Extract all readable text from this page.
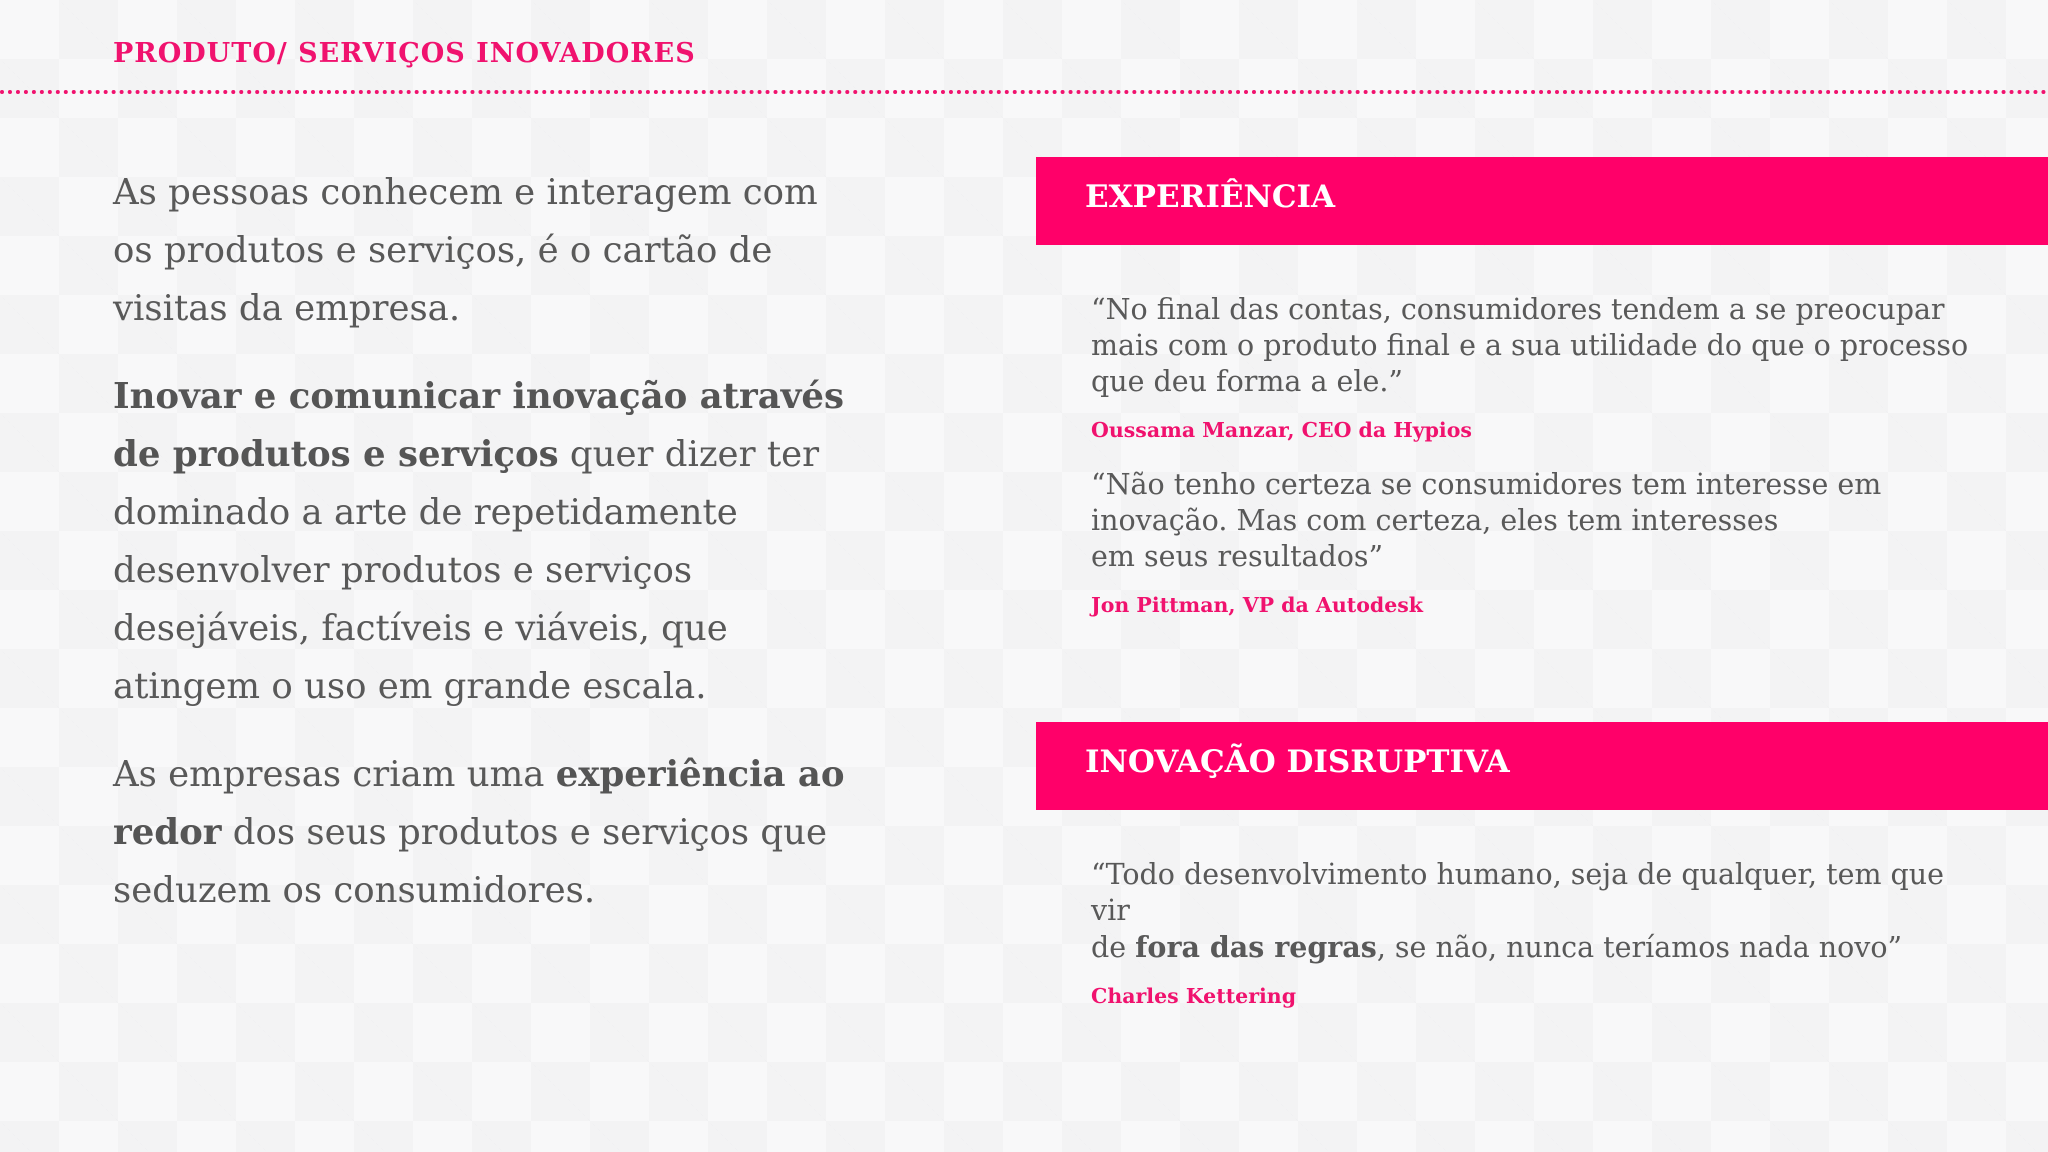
PRODUTO/ SERVIÇOS INOVADORES

As pessoas conhecem e interagem com os produtos e serviços, é o cartão de visitas da empresa.

Inovar e comunicar inovação através de produtos e serviços quer dizer ter dominado a arte de repetidamente desenvolver produtos e serviços desejáveis, factíveis e viáveis, que atingem o uso em grande escala.

As empresas criam uma experiência ao redor dos seus produtos e serviços que seduzem os consumidores.

EXPERIÊNCIA
“No final das contas, consumidores tendem a se preocupar
mais com o produto final e a sua utilidade do que o processo
que deu forma a ele.”
Oussama Manzar, CEO da Hypios
“Não tenho certeza se consumidores tem interesse em
inovação. Mas com certeza, eles tem interesses
em seus resultados”
Jon Pittman, VP da Autodesk
INOVAÇÃO DISRUPTIVA
“Todo desenvolvimento humano, seja de qualquer, tem que vir
de fora das regras, se não, nunca teríamos nada novo”
Charles Kettering
